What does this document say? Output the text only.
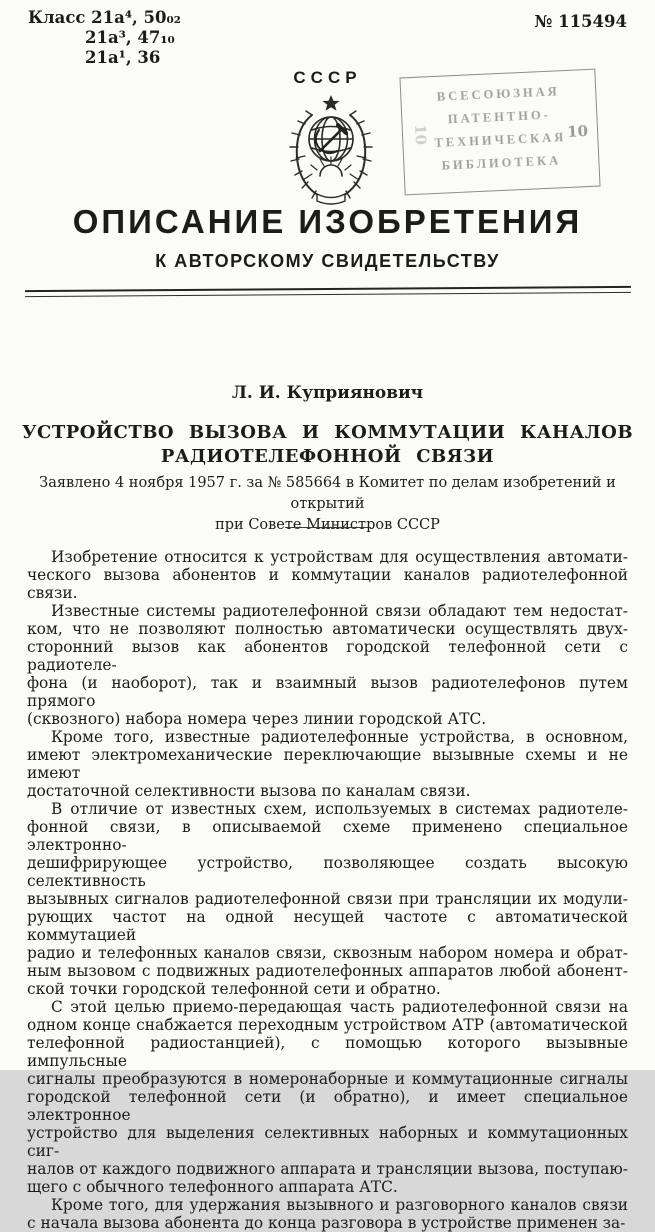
Класс 21а⁴, 50₀₂
21а³, 47₁₀
21а¹, 36
№ 115494
СССР
ВСЕСОЮЗНАЯ
ПАТЕНТНО-
ТЕХНИЧЕСКАЯ
БИБЛИОТЕКА
10
10
ОПИСАНИЕ ИЗОБРЕТЕНИЯ
К АВТОРСКОМУ СВИДЕТЕЛЬСТВУ
Л. И. Куприянович
УСТРОЙСТВО ВЫЗОВА И КОММУТАЦИИ КАНАЛОВ
РАДИОТЕЛЕФОННОЙ СВЯЗИ
Заявлено 4 ноября 1957 г. за № 585664 в Комитет по делам изобретений и открытий
при Совете Министров СССР
Изобретение относится к устройствам для осуществления автомати-
ческого вызова абонентов и коммутации каналов радиотелефонной связи.
Известные системы радиотелефонной связи обладают тем недостат-
ком, что не позволяют полностью автоматически осуществлять двух-
сторонний вызов как абонентов городской телефонной сети с радиотеле-
фона (и наоборот), так и взаимный вызов радиотелефонов путем прямого
(сквозного) набора номера через линии городской АТС.
Кроме того, известные радиотелефонные устройства, в основном,
имеют электромеханические переключающие вызывные схемы и не имеют
достаточной селективности вызова по каналам связи.
В отличие от известных схем, используемых в системах радиотеле-
фонной связи, в описываемой схеме применено специальное электронно-
дешифрирующее устройство, позволяющее создать высокую селективность
вызывных сигналов радиотелефонной связи при трансляции их модули-
рующих частот на одной несущей частоте с автоматической коммутацией
радио и телефонных каналов связи, сквозным набором номера и обрат-
ным вызовом с подвижных радиотелефонных аппаратов любой абонент-
ской точки городской телефонной сети и обратно.
С этой целью приемо-передающая часть радиотелефонной связи на
одном конце снабжается переходным устройством АТР (автоматической
телефонной радиостанцией), с помощью которого вызывные импульсные
сигналы преобразуются в номеронаборные и коммутационные сигналы
городской телефонной сети (и обратно), и имеет специальное электронное
устройство для выделения селективных наборных и коммутационных сиг-
налов от каждого подвижного аппарата и трансляции вызова, поступаю-
щего с обычного телефонного аппарата АТС.
Кроме того, для удержания вызывного и разговорного каналов связи
с начала вызова абонента до конца разговора в устройстве применен за-
